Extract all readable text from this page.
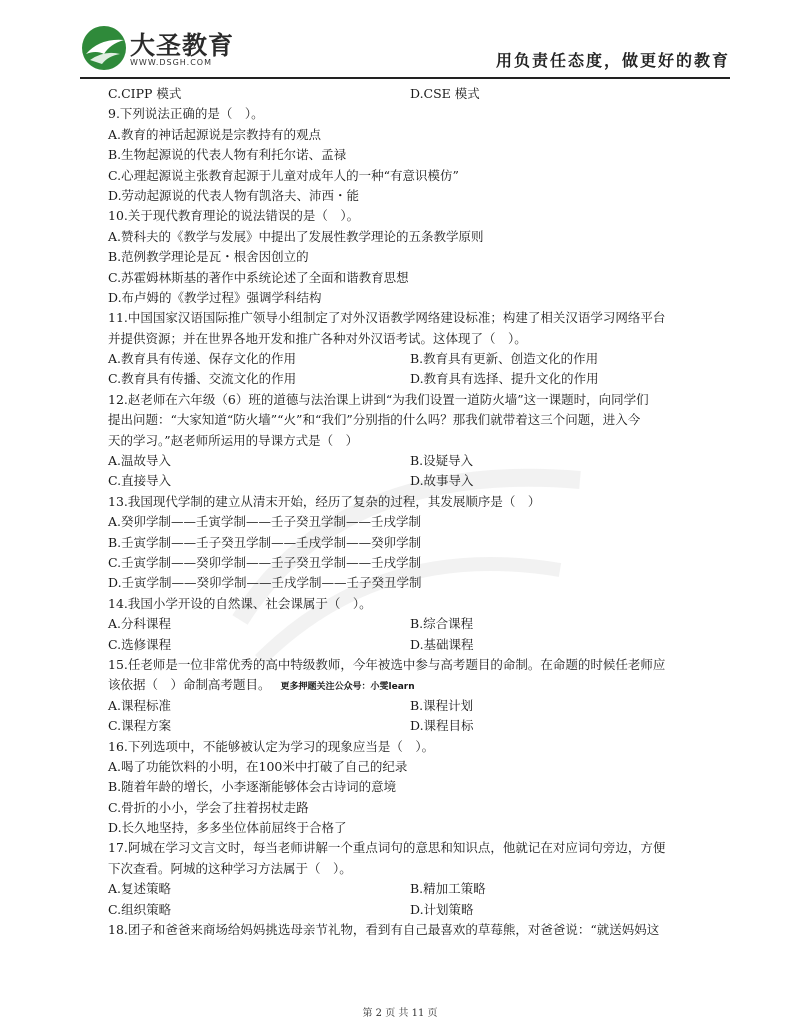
大圣教育
WWW.DSGH.COM	用负责任态度，做更好的教育
C.CIPP 模式	D.CSE 模式
9.下列说法正确的是（　）。
A.教育的神话起源说是宗教持有的观点
B.生物起源说的代表人物有利托尔诺、孟禄
C.心理起源说主张教育起源于儿童对成年人的一种“有意识模仿”
D.劳动起源说的代表人物有凯洛夫、沛西・能
10.关于现代教育理论的说法错误的是（　）。
A.赞科夫的《教学与发展》中提出了发展性教学理论的五条教学原则
B.范例教学理论是瓦・根舍因创立的
C.苏霍姆林斯基的著作中系统论述了全面和谐教育思想
D.布卢姆的《教学过程》强调学科结构
11.中国国家汉语国际推广领导小组制定了对外汉语教学网络建设标准；构建了相关汉语学习网络平台
并提供资源；并在世界各地开发和推广各种对外汉语考试。这体现了（　）。
A.教育具有传递、保存文化的作用	B.教育具有更新、创造文化的作用
C.教育具有传播、交流文化的作用	D.教育具有选择、提升文化的作用
12.赵老师在六年级（6）班的道德与法治课上讲到“为我们设置一道防火墙”这一课题时，向同学们
提出问题：“大家知道“防火墙”“火”和“我们”分别指的什么吗？那我们就带着这三个问题，进入今
天的学习。”赵老师所运用的导课方式是（　）
A.温故导入	B.设疑导入
C.直接导入	D.故事导入
13.我国现代学制的建立从清末开始，经历了复杂的过程，其发展顺序是（　）
A.癸卯学制——壬寅学制——壬子癸丑学制——壬戌学制
B.壬寅学制——壬子癸丑学制——壬戌学制——癸卯学制
C.壬寅学制——癸卯学制——壬子癸丑学制——壬戌学制
D.壬寅学制——癸卯学制——壬戌学制——壬子癸丑学制
14.我国小学开设的自然课、社会课属于（　）。
A.分科课程	B.综合课程
C.选修课程	D.基础课程
15.任老师是一位非常优秀的高中特级教师，今年被选中参与高考题目的命制。在命题的时候任老师应
该依据（　）命制高考题目。 更多押题关注公众号：小雯learn
A.课程标准	B.课程计划
C.课程方案	D.课程目标
16.下列选项中，不能够被认定为学习的现象应当是（　）。
A.喝了功能饮料的小明，在100米中打破了自己的纪录
B.随着年龄的增长，小李逐渐能够体会古诗词的意境
C.骨折的小小，学会了拄着拐杖走路
D.长久地坚持，多多坐位体前屈终于合格了
17.阿城在学习文言文时，每当老师讲解一个重点词句的意思和知识点，他就记在对应词句旁边，方便
下次查看。阿城的这种学习方法属于（　）。
A.复述策略	B.精加工策略
C.组织策略	D.计划策略
18.团子和爸爸来商场给妈妈挑选母亲节礼物，看到有自己最喜欢的草莓熊，对爸爸说：“就送妈妈这
第 2 页 共 11 页
